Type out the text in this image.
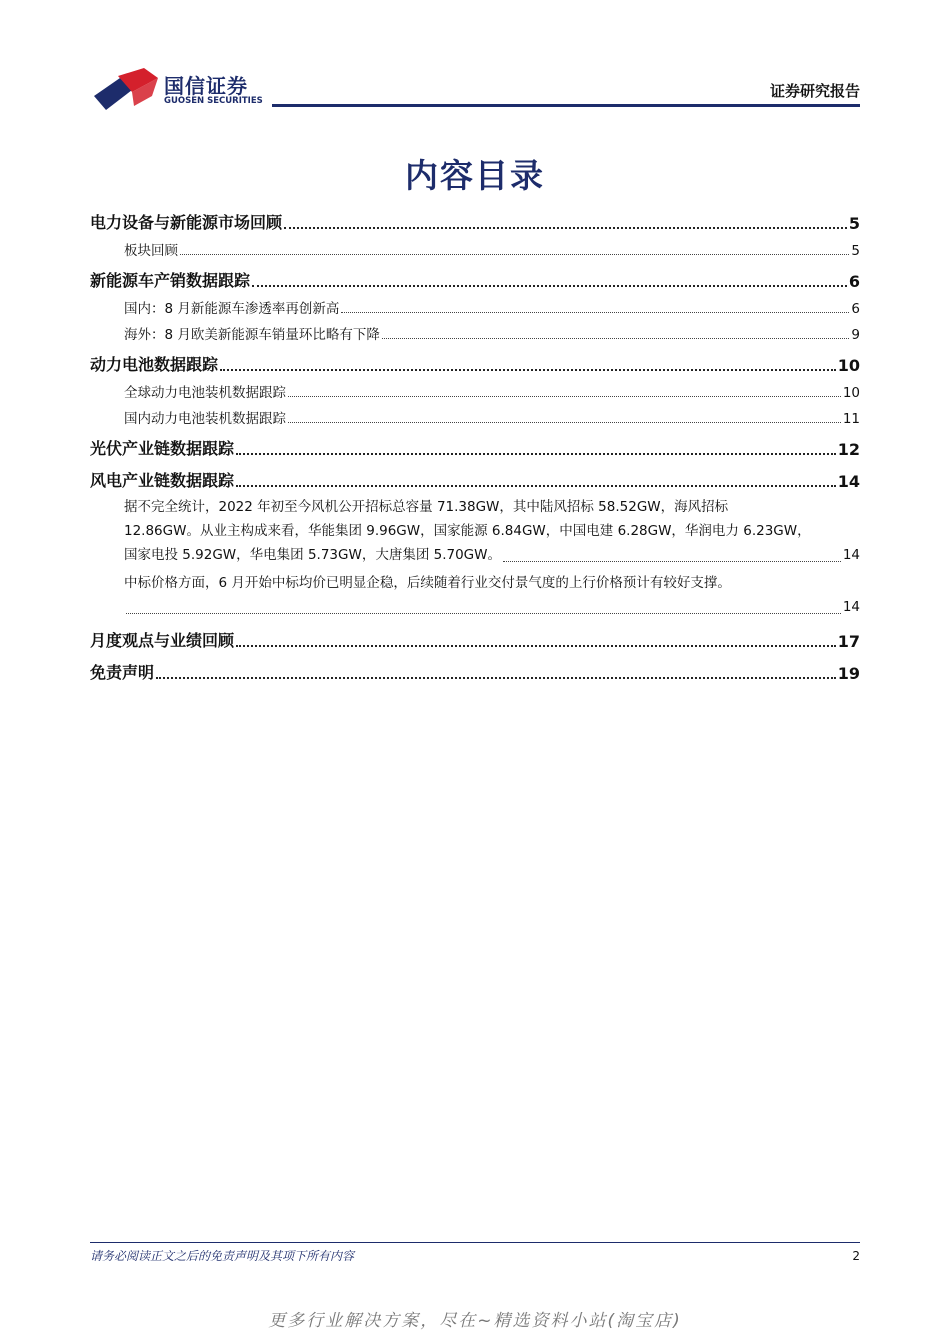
国信证券
GUOSEN SECURITIES
证券研究报告
内容目录
电力设备与新能源市场回顾	5
板块回顾	5
新能源车产销数据跟踪	6
国内：8 月新能源车渗透率再创新高	6
海外：8 月欧美新能源车销量环比略有下降	9
动力电池数据跟踪	10
全球动力电池装机数据跟踪	10
国内动力电池装机数据跟踪	11
光伏产业链数据跟踪	12
风电产业链数据跟踪	14
据不完全统计，2022 年初至今风机公开招标总容量 71.38GW，其中陆风招标 58.52GW，海风招标
12.86GW。从业主构成来看，华能集团 9.96GW，国家能源 6.84GW，中国电建 6.28GW，华润电力 6.23GW，
国家电投 5.92GW，华电集团 5.73GW，大唐集团 5.70GW。	14
中标价格方面，6 月开始中标均价已明显企稳，后续随着行业交付景气度的上行价格预计有较好支撑。
14
月度观点与业绩回顾	17
免责声明	19
请务必阅读正文之后的免责声明及其项下所有内容	2
更多行业解决方案，尽在~精选资料小站(淘宝店)
